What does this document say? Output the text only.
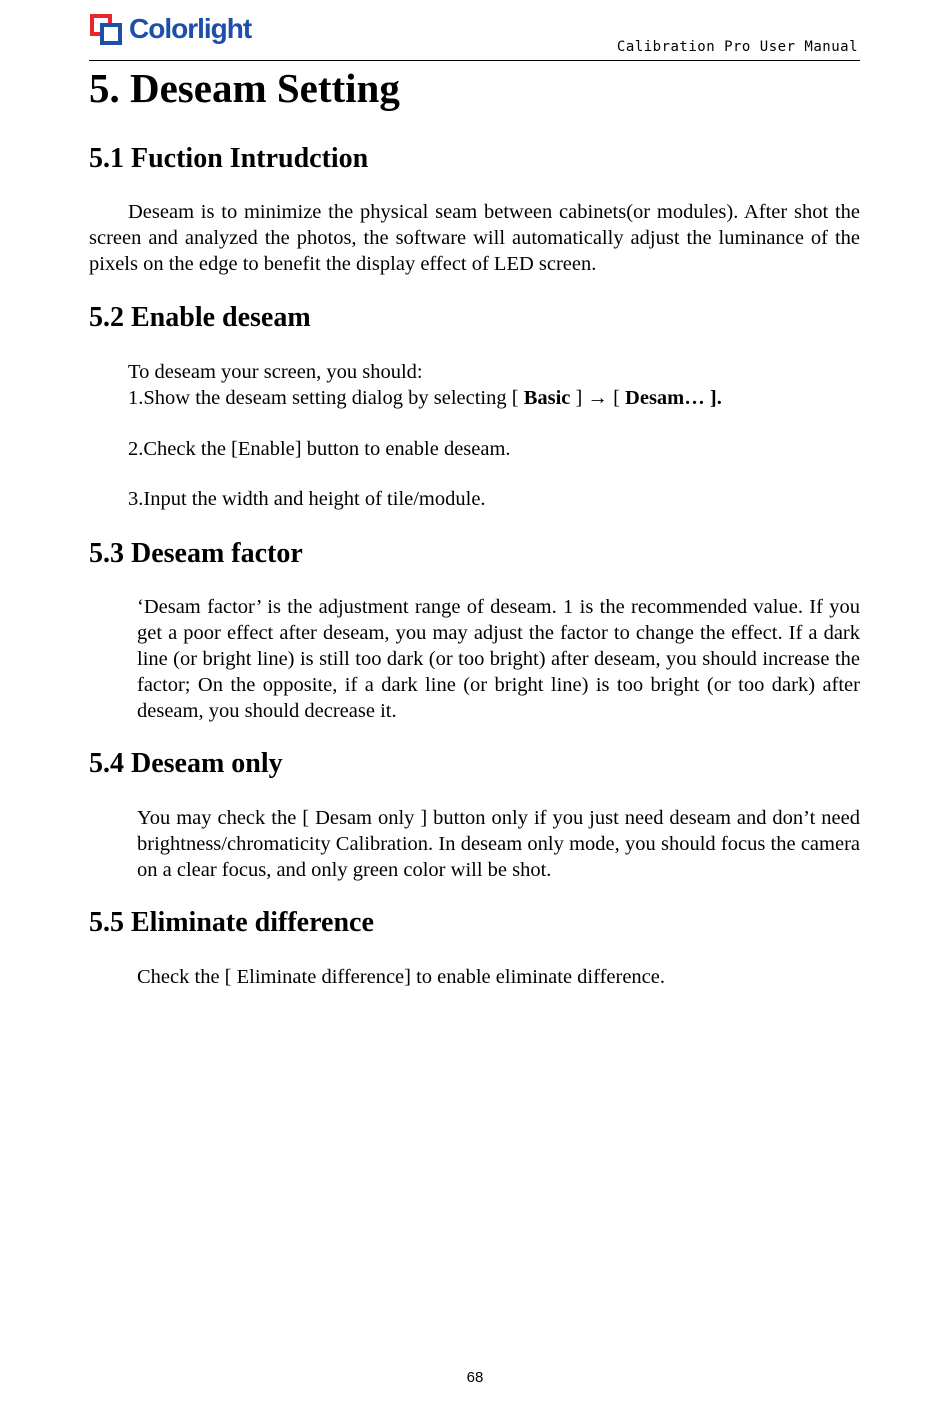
Colorlight
Calibration Pro User Manual
5. Deseam Setting
5.1 Fuction Intrudction

Deseam is to minimize the physical seam between cabinets(or modules). After shot the screen and analyzed the photos, the software will automatically adjust the luminance of the pixels on the edge to benefit the display effect of LED screen.

5.2 Enable deseam

To deseam your screen, you should:

1.Show the deseam setting dialog by selecting [ Basic ] → [ Desam… ].

2.Check the [Enable] button to enable deseam.

3.Input the width and height of tile/module.

5.3 Deseam factor

‘Desam factor’ is the adjustment range of deseam. 1 is the recommended value. If you get a poor effect after deseam, you may adjust the factor to change the effect. If a dark line (or bright line) is still too dark (or too bright) after deseam, you should increase the factor; On the opposite, if a dark line (or bright line) is too bright (or too dark) after deseam, you should decrease it.

5.4 Deseam only

You may check the [ Desam only ] button only if you just need deseam and don’t need brightness/chromaticity Calibration. In deseam only mode, you should focus the camera on a clear focus, and only green color will be shot.

5.5 Eliminate difference

Check the [ Eliminate difference] to enable eliminate difference.

68
